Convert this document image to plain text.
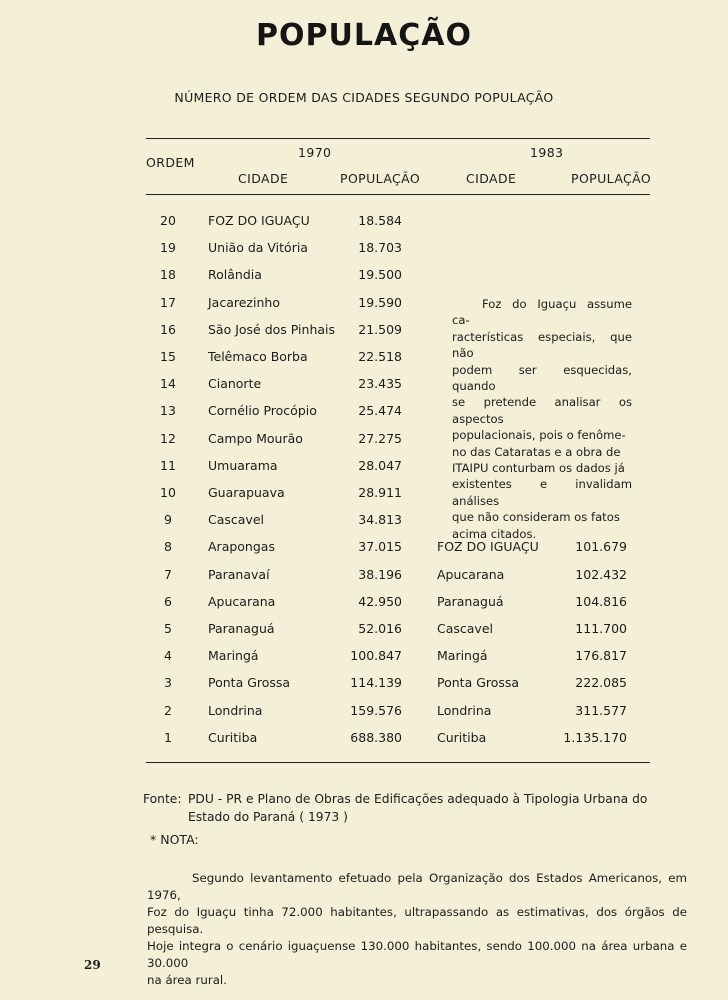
POPULAÇÃO
NÚMERO DE ORDEM DAS CIDADES SEGUNDO POPULAÇÃO
ORDEM
1970	1983
CIDADE	POPULAÇÃO	CIDADE	POPULAÇÃO
20	FOZ DO IGUAÇU	18.584
19	União da Vitória	18.703
18	Rolândia	19.500
17	Jacarezinho	19.590
16	São José dos Pinhais	21.509
15	Telêmaco Borba	22.518
14	Cianorte	23.435
13	Cornélio Procópio	25.474
12	Campo Mourão	27.275
11	Umuarama	28.047
10	Guarapuava	28.911
9	Cascavel	34.813
8	Arapongas	37.015	FOZ DO IGUAÇU	101.679
7	Paranavaí	38.196	Apucarana	102.432
6	Apucarana	42.950	Paranaguá	104.816
5	Paranaguá	52.016	Cascavel	111.700
4	Maringá	100.847	Maringá	176.817
3	Ponta Grossa	114.139	Ponta Grossa	222.085
2	Londrina	159.576	Londrina	311.577
1	Curitiba	688.380	Curitiba	1.135.170
Foz do Iguaçu assume ca-
racterísticas especiais, que não
podem ser esquecidas, quando
se pretende analisar os aspectos
populacionais, pois o fenôme-
no das Cataratas e a obra de
ITAIPU conturbam os dados já
existentes e invalidam análises
que não consideram os fatos
acima citados.
Fonte: PDU - PR e Plano de Obras de Edificações adequado à Tipologia Urbana do Estado do Paraná ( 1973 )
* NOTA:
Segundo levantamento efetuado pela Organização dos Estados Americanos, em 1976,
Foz do Iguaçu tinha 72.000 habitantes, ultrapassando as estimativas, dos órgãos de pesquisa.
Hoje integra o cenário iguaçuense 130.000 habitantes, sendo 100.000 na área urbana e 30.000
na área rural.
29
